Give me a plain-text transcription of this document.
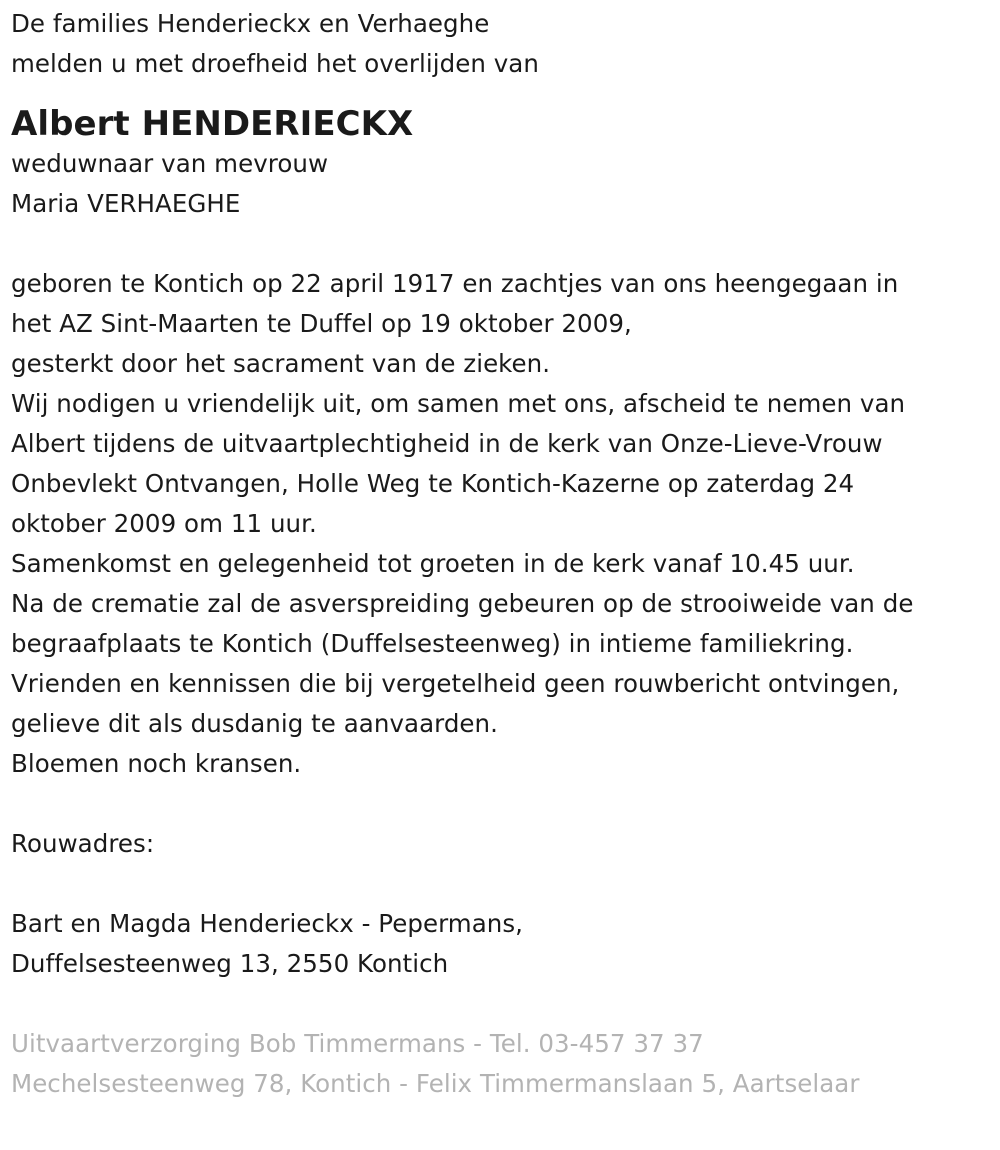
De families Henderieckx en Verhaeghe
melden u met droefheid het overlijden van
Albert HENDERIECKX
weduwnaar van mevrouw
Maria VERHAEGHE
geboren te Kontich op 22 april 1917 en zachtjes van ons heengegaan in
het AZ Sint-Maarten te Duffel op 19 oktober 2009,
gesterkt door het sacrament van de zieken.
Wij nodigen u vriendelijk uit, om samen met ons, afscheid te nemen van
Albert tijdens de uitvaartplechtigheid in de kerk van Onze-Lieve-Vrouw
Onbevlekt Ontvangen, Holle Weg te Kontich-Kazerne op zaterdag 24
oktober 2009 om 11 uur.
Samenkomst en gelegenheid tot groeten in de kerk vanaf 10.45 uur.
Na de crematie zal de asverspreiding gebeuren op de strooiweide van de
begraafplaats te Kontich (Duffelsesteenweg) in intieme familiekring.
Vrienden en kennissen die bij vergetelheid geen rouwbericht ontvingen,
gelieve dit als dusdanig te aanvaarden.
Bloemen noch kransen.
Rouwadres:
Bart en Magda Henderieckx - Pepermans,
Duffelsesteenweg 13, 2550 Kontich
Uitvaartverzorging Bob Timmermans - Tel. 03-457 37 37
Mechelsesteenweg 78, Kontich - Felix Timmermanslaan 5, Aartselaar
